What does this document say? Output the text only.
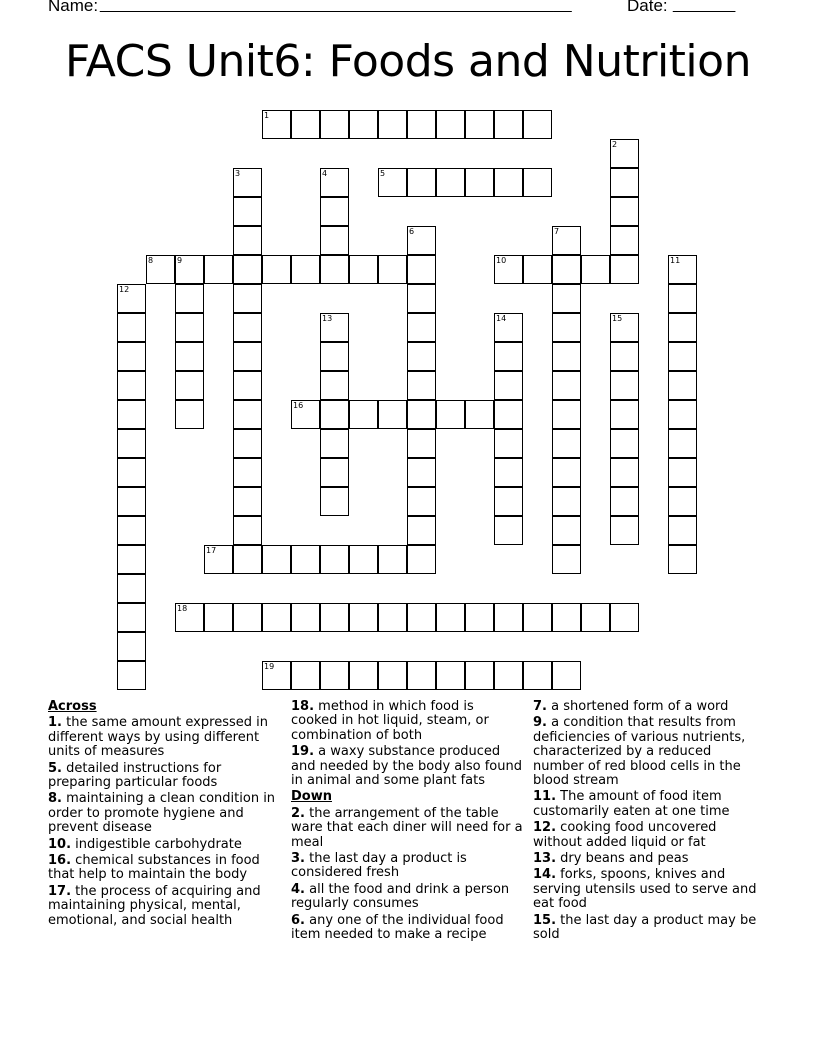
Name: _____________________________________________________	Date: _______
FACS Unit6: Foods and Nutrition
1
2
3	4	5
6	7
8	9	10	11
12
13	14	15
16
17
18
19
Across
1. the same amount expressed in different ways by using different units of measures
5. detailed instructions for preparing particular foods
8. maintaining a clean condition in order to promote hygiene and prevent disease
10. indigestible carbohydrate
16. chemical substances in food that help to maintain the body
17. the process of acquiring and maintaining physical, mental, emotional, and social health
18. method in which food is cooked in hot liquid, steam, or combination of both
19. a waxy substance produced and needed by the body also found in animal and some plant fats
Down
2. the arrangement of the table ware that each diner will need for a meal
3. the last day a product is considered fresh
4. all the food and drink a person regularly consumes
6. any one of the individual food item needed to make a recipe
7. a shortened form of a word
9. a condition that results from deficiencies of various nutrients, characterized by a reduced number of red blood cells in the blood stream
11. The amount of food item customarily eaten at one time
12. cooking food uncovered without added liquid or fat
13. dry beans and peas
14. forks, spoons, knives and serving utensils used to serve and eat food
15. the last day a product may be sold
